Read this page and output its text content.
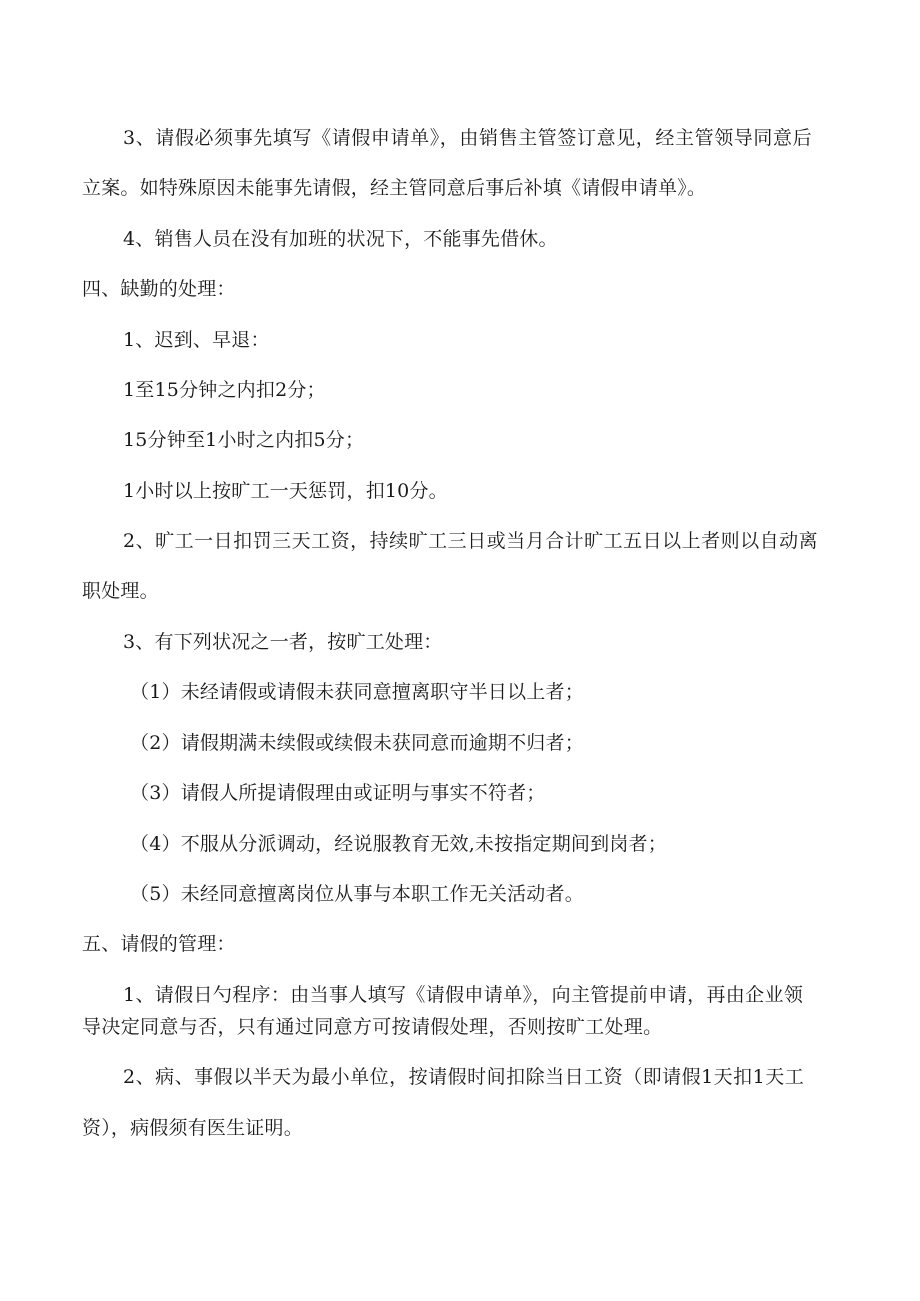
3、请假必须事先填写《请假申请单》，由销售主管签订意见，经主管领导同意后
立案。如特殊原因未能事先请假，经主管同意后事后补填《请假申请单》。
4、销售人员在没有加班的状况下，不能事先借休。
四、缺勤的处理：
1、迟到、早退：
1至15分钟之内扣2分；
15分钟至1小时之内扣5分；
1小时以上按旷工一天惩罚，扣10分。
2、旷工一日扣罚三天工资，持续旷工三日或当月合计旷工五日以上者则以自动离
职处理。
3、有下列状况之一者，按旷工处理：
（1）未经请假或请假未获同意擅离职守半日以上者；
（2）请假期满未续假或续假未获同意而逾期不归者；
（3）请假人所提请假理由或证明与事实不符者；
（4）不服从分派调动，经说服教育无效,未按指定期间到岗者；
（5）未经同意擅离岗位从事与本职工作无关活动者。
五、请假的管理：
1、请假日勺程序：由当事人填写《请假申请单》，向主管提前申请，再由企业领
导决定同意与否，只有通过同意方可按请假处理，否则按旷工处理。
2、病、事假以半天为最小单位，按请假时间扣除当日工资（即请假1天扣1天工
资），病假须有医生证明。
